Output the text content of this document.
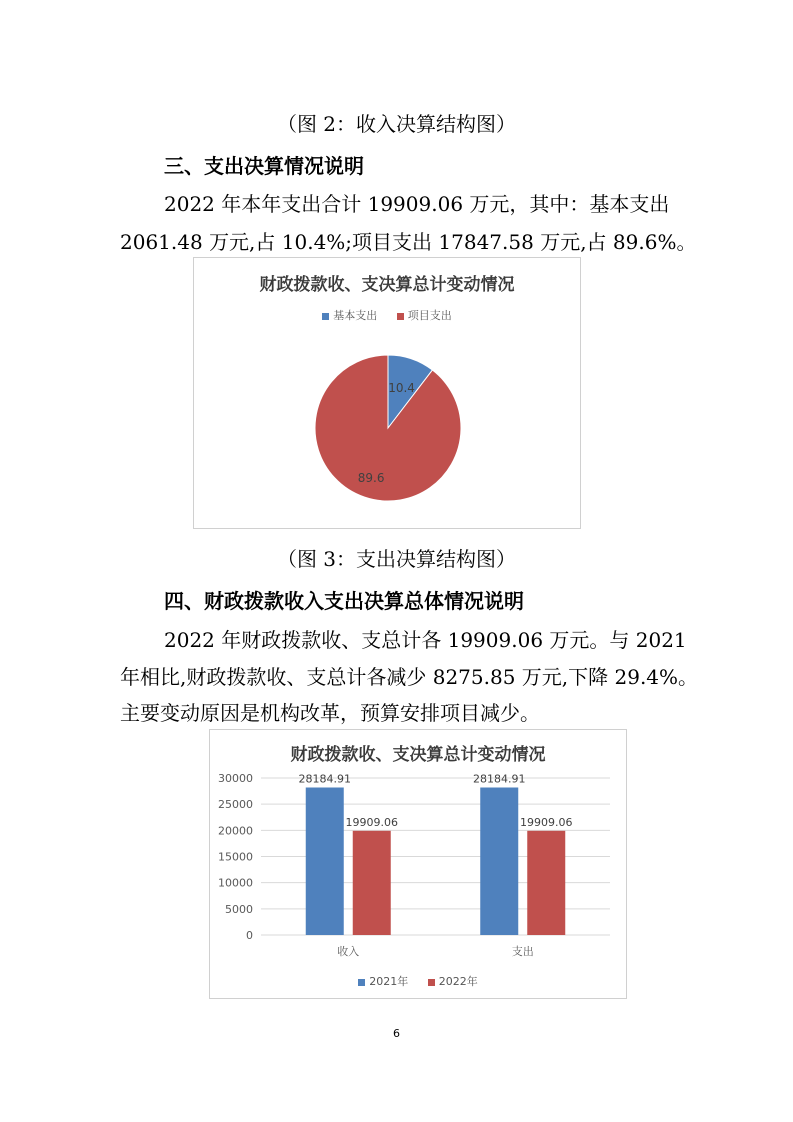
（图 2：收入决算结构图）
三、支出决算情况说明
2022 年本年支出合计 19909.06 万元，其中：基本支出
2061.48 万元,占 10.4%;项目支出 17847.58 万元,占 89.6%。
财政拨款收、支决算总计变动情况
基本支出	项目支出
10.4
89.6
（图 3：支出决算结构图）
四、财政拨款收入支出决算总体情况说明
2022 年财政拨款收、支总计各 19909.06 万元。与 2021
年相比,财政拨款收、支总计各减少 8275.85 万元,下降 29.4%。
主要变动原因是机构改革，预算安排项目减少。
财政拨款收、支决算总计变动情况
0
5000
10000
15000
20000
25000
30000	28184.91
19909.06
收入
28184.91
19909.06
支出
2021年	2022年
6
